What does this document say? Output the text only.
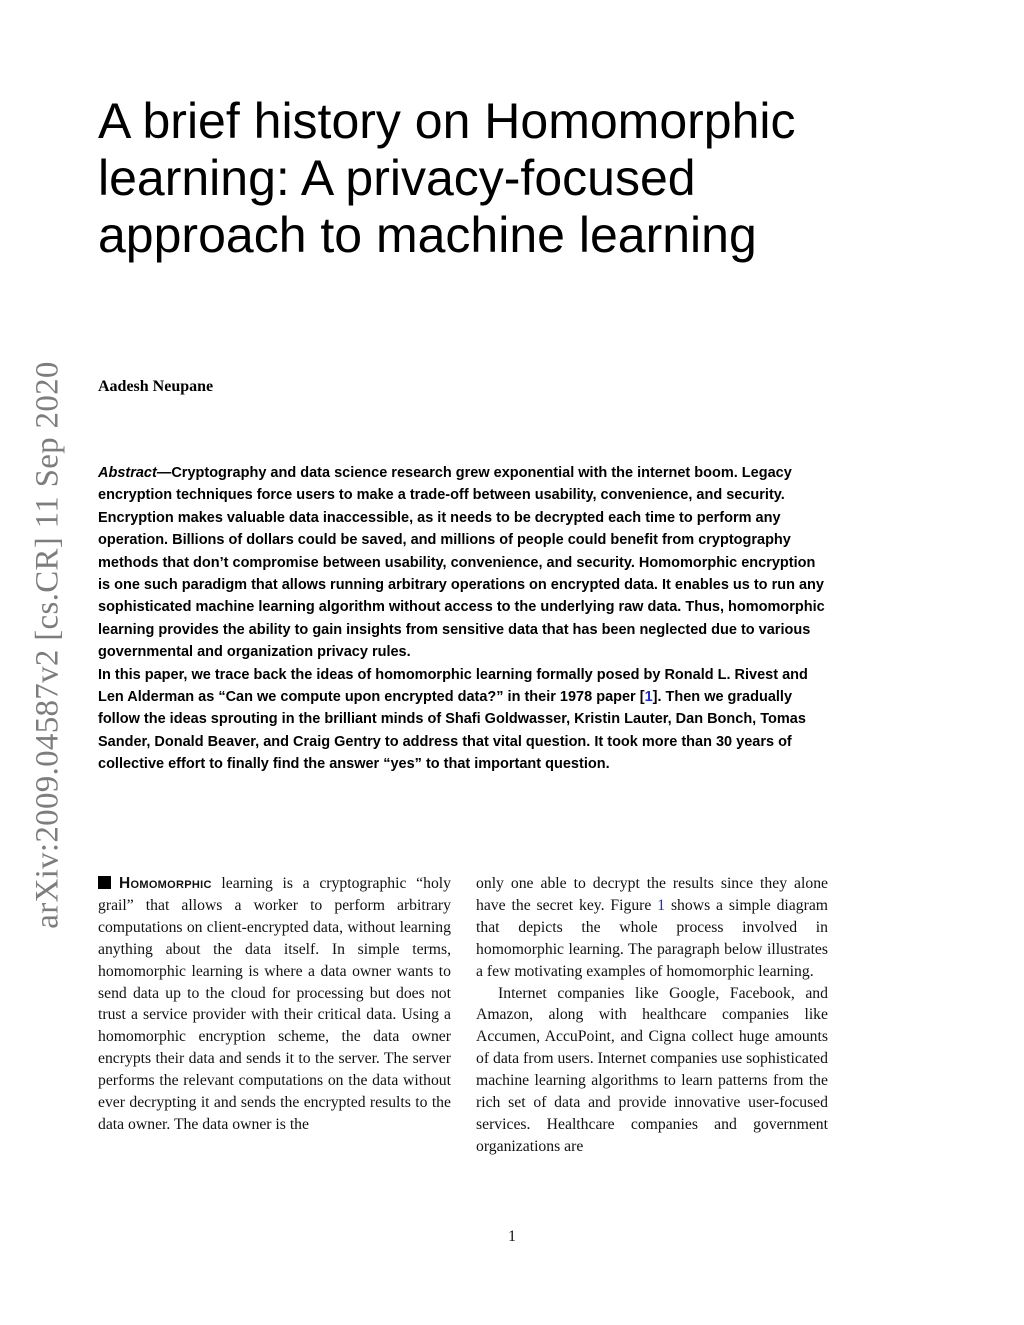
arXiv:2009.04587v2 [cs.CR] 11 Sep 2020
A brief history on Homomorphic learning: A privacy-focused approach to machine learning
Aadesh Neupane

Abstract—Cryptography and data science research grew exponential with the internet boom. Legacy encryption techniques force users to make a trade-off between usability, convenience, and security. Encryption makes valuable data inaccessible, as it needs to be decrypted each time to perform any operation. Billions of dollars could be saved, and millions of people could benefit from cryptography methods that don’t compromise between usability, convenience, and security. Homomorphic encryption is one such paradigm that allows running arbitrary operations on encrypted data. It enables us to run any sophisticated machine learning algorithm without access to the underlying raw data. Thus, homomorphic learning provides the ability to gain insights from sensitive data that has been neglected due to various governmental and organization privacy rules.

In this paper, we trace back the ideas of homomorphic learning formally posed by Ronald L. Rivest and Len Alderman as “Can we compute upon encrypted data?” in their 1978 paper [1]. Then we gradually follow the ideas sprouting in the brilliant minds of Shafi Goldwasser, Kristin Lauter, Dan Bonch, Tomas Sander, Donald Beaver, and Craig Gentry to address that vital question. It took more than 30 years of collective effort to finally find the answer “yes” to that important question.

Homomorphic learning is a cryptographic “holy grail” that allows a worker to perform arbitrary computations on client-encrypted data, without learning anything about the data itself. In simple terms, homomorphic learning is where a data owner wants to send data up to the cloud for processing but does not trust a service provider with their critical data. Using a homomorphic encryption scheme, the data owner encrypts their data and sends it to the server. The server performs the relevant computations on the data without ever decrypting it and sends the encrypted results to the data owner. The data owner is the

only one able to decrypt the results since they alone have the secret key. Figure 1 shows a simple diagram that depicts the whole process involved in homomorphic learning. The paragraph below illustrates a few motivating examples of homomorphic learning.

Internet companies like Google, Facebook, and Amazon, along with healthcare companies like Accumen, AccuPoint, and Cigna collect huge amounts of data from users. Internet companies use sophisticated machine learning algorithms to learn patterns from the rich set of data and provide innovative user-focused services. Healthcare companies and government organizations are

1
